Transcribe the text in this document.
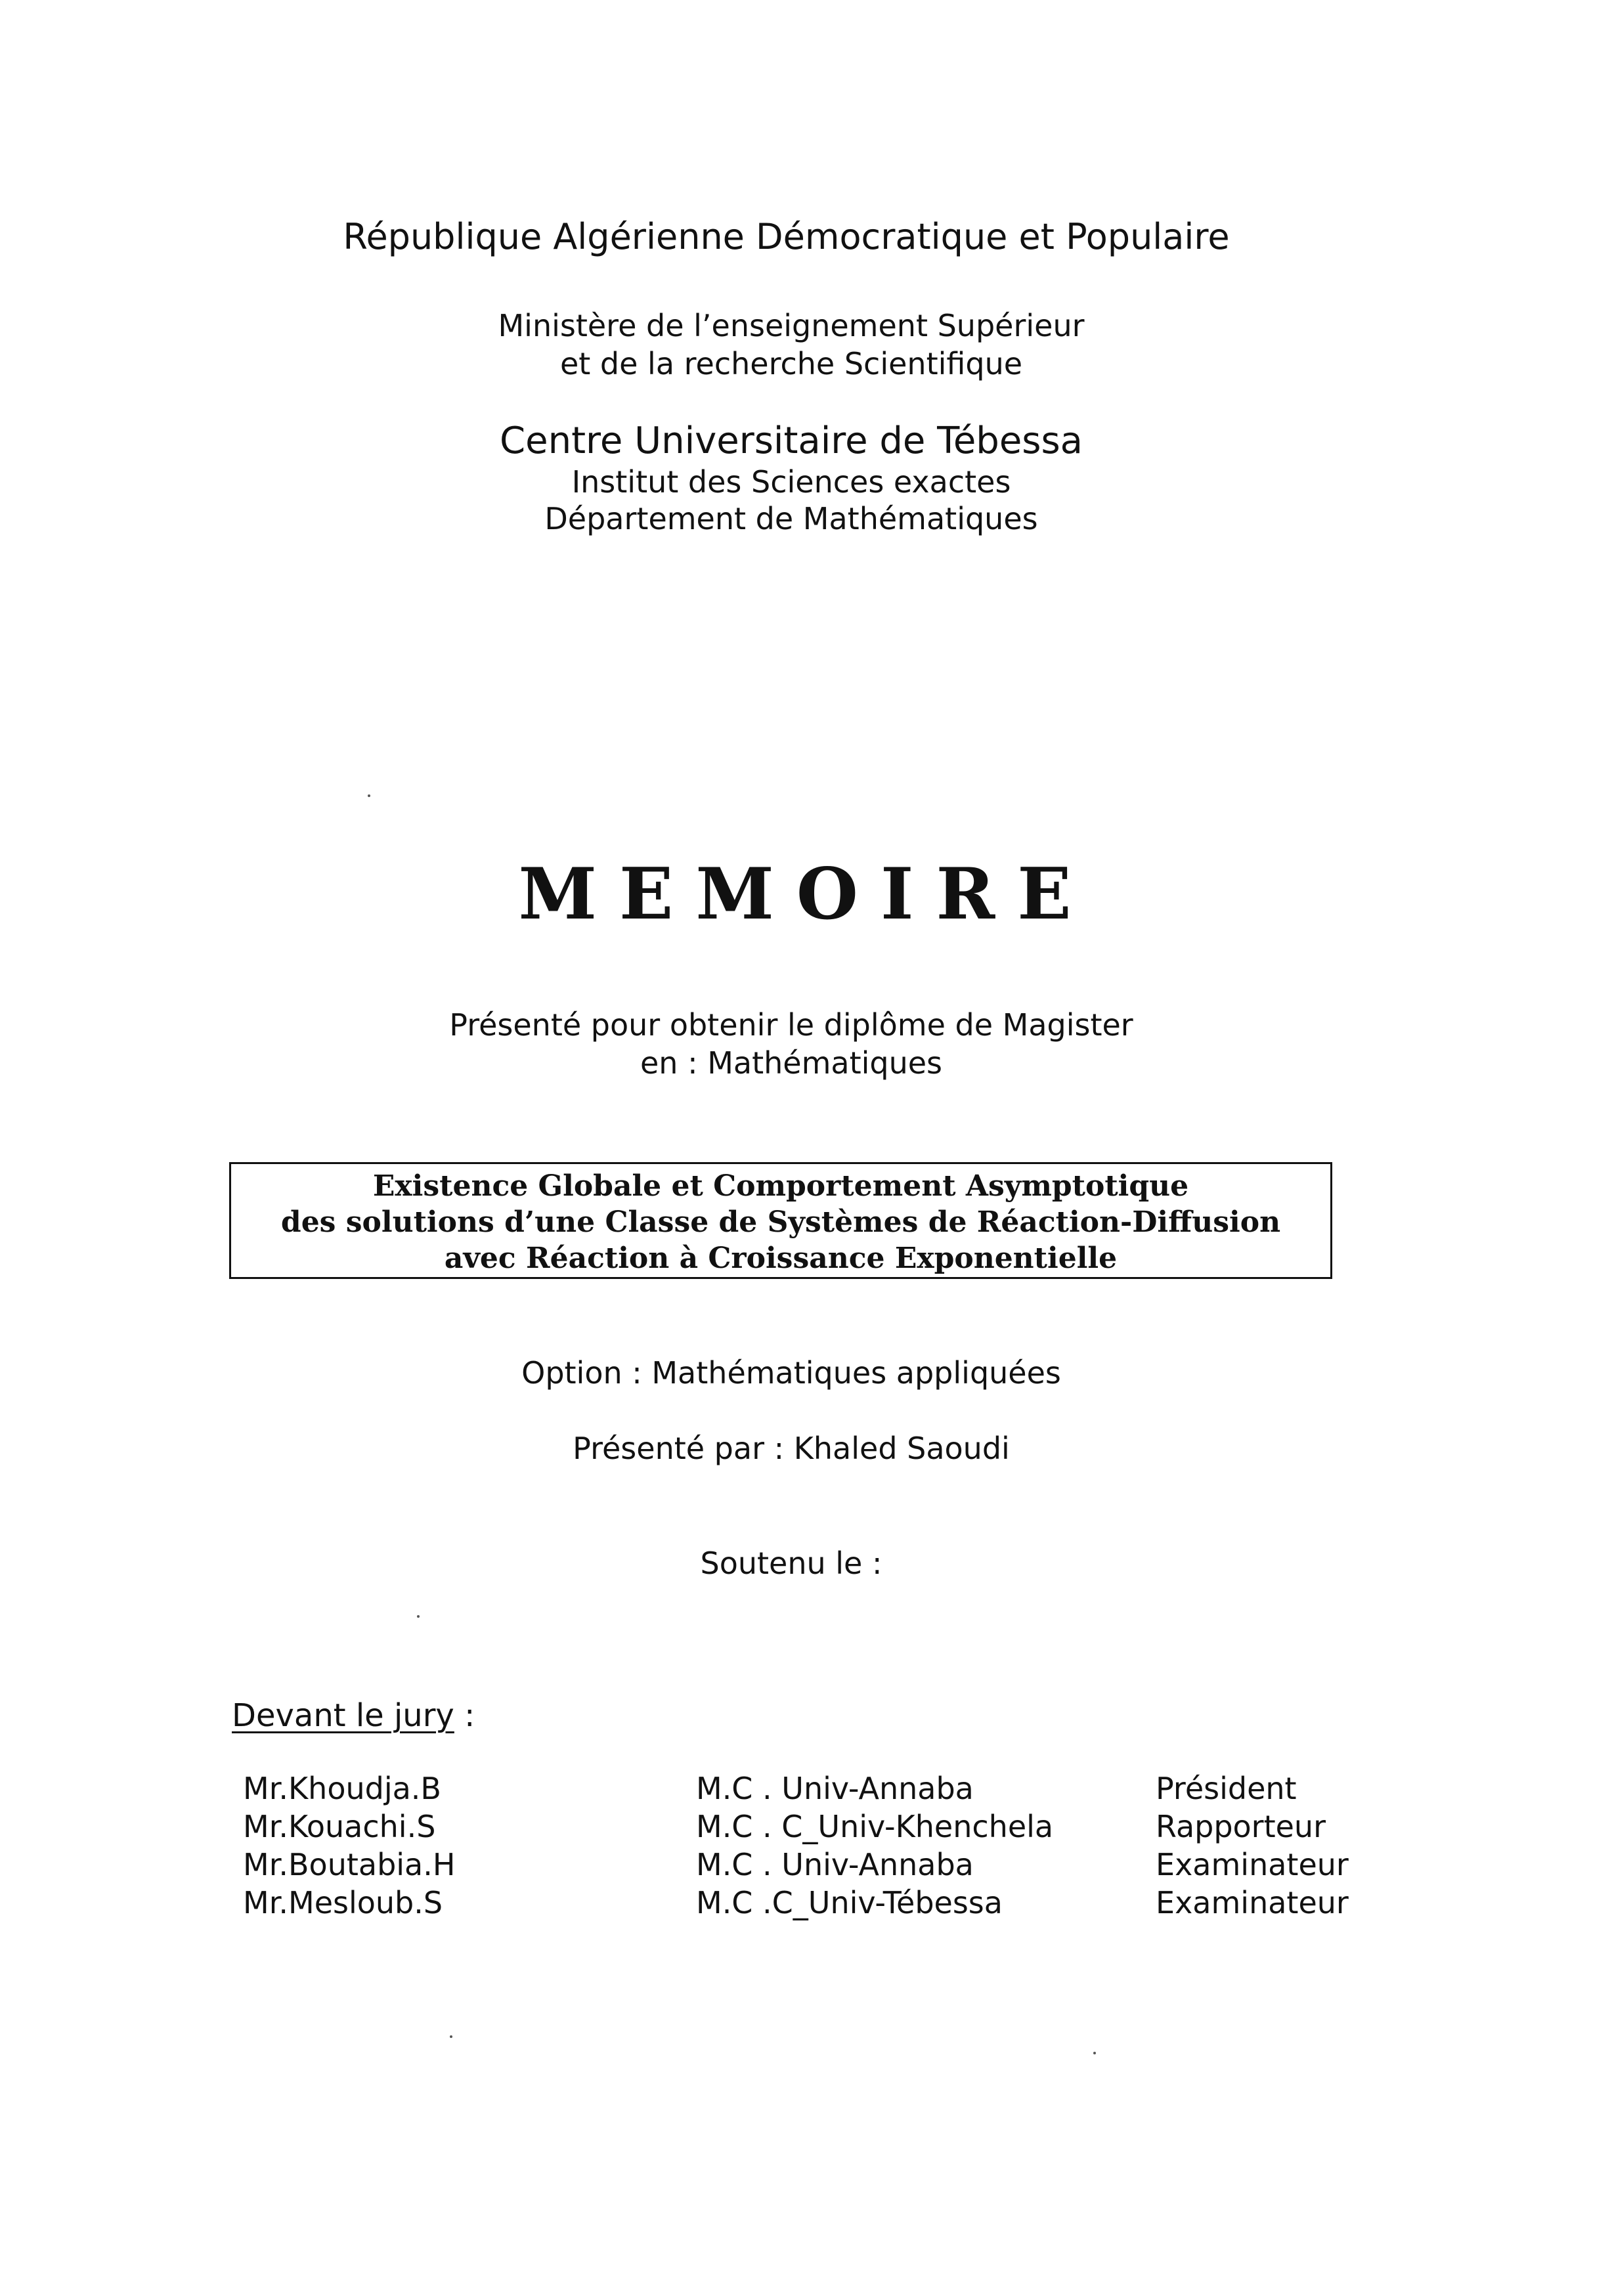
République Algérienne Démocratique et Populaire
Ministère de l’enseignement Supérieur
et de la recherche Scientifique
Centre Universitaire de Tébessa
Institut des Sciences exactes
Département de Mathématiques
MEMOIRE
Présenté pour obtenir le diplôme de Magister
en : Mathématiques
Existence Globale et Comportement Asymptotique
des solutions d’une Classe de Systèmes de Réaction-Diffusion
avec Réaction à Croissance Exponentielle
Option : Mathématiques appliquées
Présenté par : Khaled Saoudi
Soutenu le :
Devant le jury :
Mr.Khoudja.B	M.C . Univ-Annaba	Président
Mr.Kouachi.S	M.C . C_Univ-Khenchela	Rapporteur
Mr.Boutabia.H	M.C . Univ-Annaba	Examinateur
Mr.Mesloub.S	M.C .C_Univ-Tébessa	Examinateur
